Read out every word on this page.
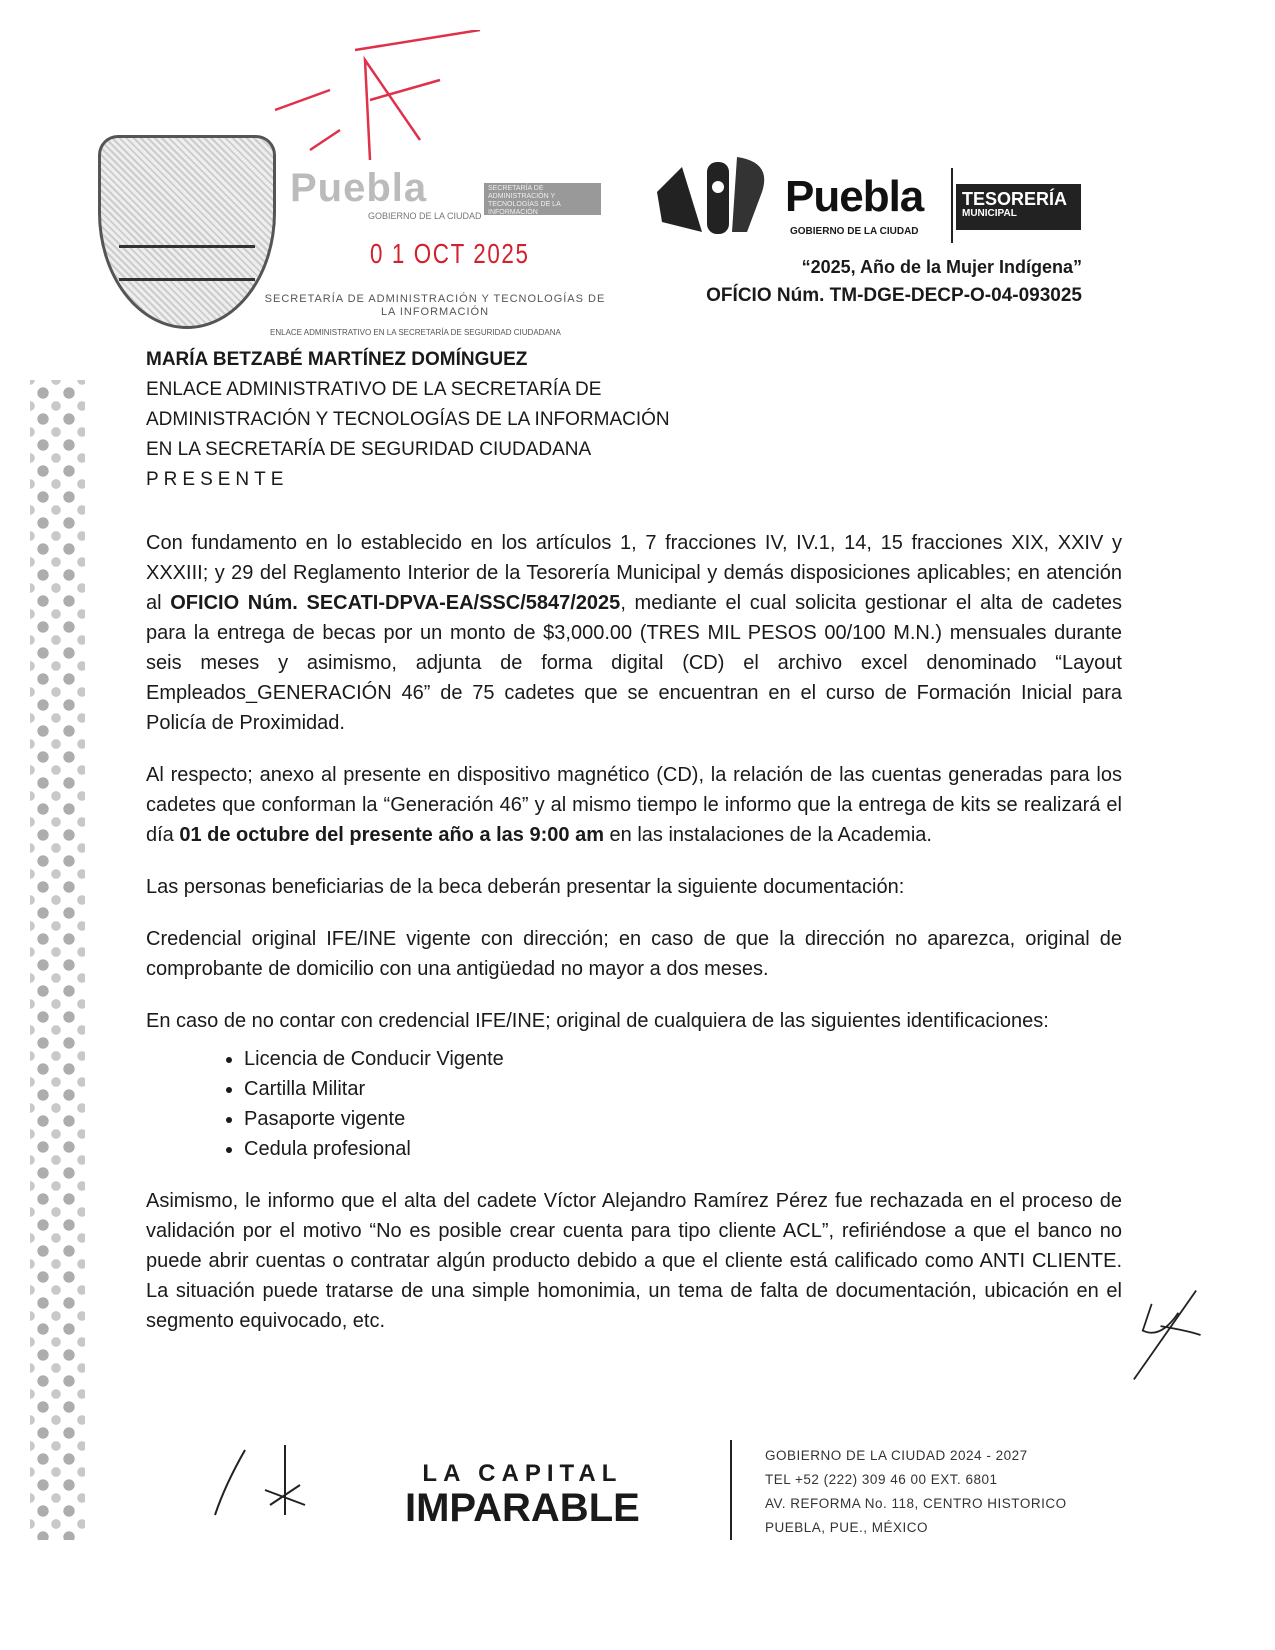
Puebla
GOBIERNO DE LA CIUDAD
SECRETARÍA DE ADMINISTRACIÓN Y TECNOLOGÍAS DE LA INFORMACIÓN
0 1 OCT 2025
SECRETARÍA DE ADMINISTRACIÓN Y TECNOLOGÍAS DE LA INFORMACIÓN
ENLACE ADMINISTRATIVO EN LA SECRETARÍA DE SEGURIDAD CIUDADANA
Puebla
GOBIERNO DE LA CIUDAD
TESORERÍA
MUNICIPAL
“2025, Año de la Mujer Indígena”
OFÍCIO Núm. TM-DGE-DECP-O-04-093025
MARÍA BETZABÉ MARTÍNEZ DOMÍNGUEZ
ENLACE ADMINISTRATIVO DE LA SECRETARÍA DE
ADMINISTRACIÓN Y TECNOLOGÍAS DE LA INFORMACIÓN
EN LA SECRETARÍA DE SEGURIDAD CIUDADANA
PRESENTE

Con fundamento en lo establecido en los artículos 1, 7 fracciones IV, IV.1, 14, 15 fracciones XIX, XXIV y XXXIII; y 29 del Reglamento Interior de la Tesorería Municipal y demás disposiciones aplicables; en atención al OFICIO Núm. SECATI-DPVA-EA/SSC/5847/2025, mediante el cual solicita gestionar el alta de cadetes para la entrega de becas por un monto de $3,000.00 (TRES MIL PESOS 00/100 M.N.) mensuales durante seis meses y asimismo, adjunta de forma digital (CD) el archivo excel denominado “Layout Empleados_GENERACIÓN 46” de 75 cadetes que se encuentran en el curso de Formación Inicial para Policía de Proximidad.

Al respecto; anexo al presente en dispositivo magnético (CD), la relación de las cuentas generadas para los cadetes que conforman la “Generación 46” y al mismo tiempo le informo que la entrega de kits se realizará el día 01 de octubre del presente año a las 9:00 am en las instalaciones de la Academia.

Las personas beneficiarias de la beca deberán presentar la siguiente documentación:

Credencial original IFE/INE vigente con dirección; en caso de que la dirección no aparezca, original de comprobante de domicilio con una antigüedad no mayor a dos meses.

En caso de no contar con credencial IFE/INE; original de cualquiera de las siguientes identificaciones:

• Licencia de Conducir Vigente
• Cartilla Militar
• Pasaporte vigente
• Cedula profesional

Asimismo, le informo que el alta del cadete Víctor Alejandro Ramírez Pérez fue rechazada en el proceso de validación por el motivo “No es posible crear cuenta para tipo cliente ACL”, refiriéndose a que el banco no puede abrir cuentas o contratar algún producto debido a que el cliente está calificado como ANTI CLIENTE. La situación puede tratarse de una simple homonimia, un tema de falta de documentación, ubicación en el segmento equivocado, etc.

LA CAPITAL
IMPARABLE
GOBIERNO DE LA CIUDAD 2024 - 2027
TEL +52 (222) 309 46 00 EXT. 6801
AV. REFORMA No. 118, CENTRO HISTORICO
PUEBLA, PUE., MÉXICO
